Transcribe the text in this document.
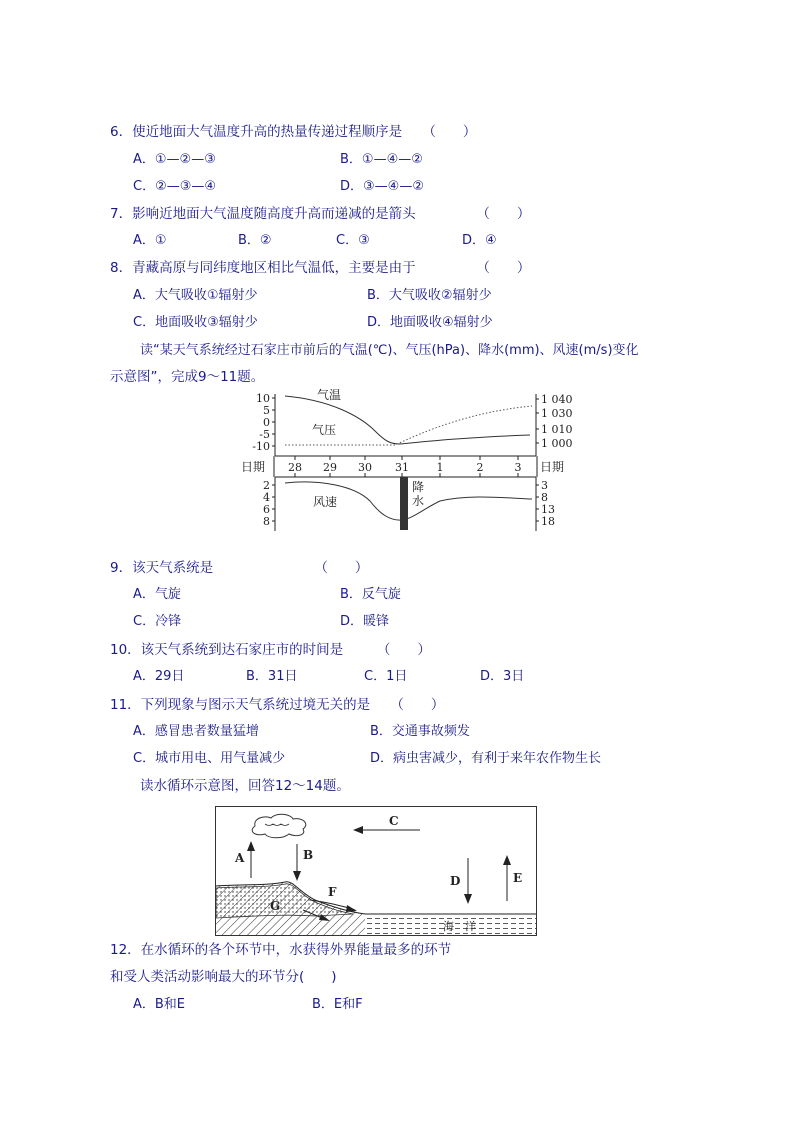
6．使近地面大气温度升高的热量传递过程顺序是　　（　　）
A．①—②—③	B．①—④—②
C．②—③—④	D．③—④—②
7．影响近地面大气温度随高度升高而递减的是箭头　　　　　（　　）
A．①	B．②	C．③	D．④
8．青藏高原与同纬度地区相比气温低，主要是由于　　　　　（　　）
A．大气吸收①辐射少	B．大气吸收②辐射少
C．地面吸收③辐射少	D．地面吸收④辐射少
读“某天气系统经过石家庄市前后的气温(℃)、气压(hPa)、降水(mm)、风速(m/s)变化
示意图”，完成9～11题。
气温
气压
风速
降
水
日期	日期
28 29 30 31	1	2	3
10
5
0
-5
-10
2
4
6
8
1 040
1 030
1 010
1 000
3
8
13
18
9．该天气系统是　　　　　　　　（　　）
A．气旋	B．反气旋
C．冷锋	D．暖锋
10．该天气系统到达石家庄市的时间是　　　（　　）
A．29日	B．31日	C．1日	D．3日
11．下列现象与图示天气系统过境无关的是　　（　　）
A．感冒患者数量猛增	B．交通事故频发
C．城市用电、用气量减少	D．病虫害减少，有利于来年农作物生长
读水循环示意图，回答12～14题。
A	B
C
D	E
F
G
海　洋
12．在水循环的各个环节中，水获得外界能量最多的环节
和受人类活动影响最大的环节分(　　)
A．B和E	B．E和F
